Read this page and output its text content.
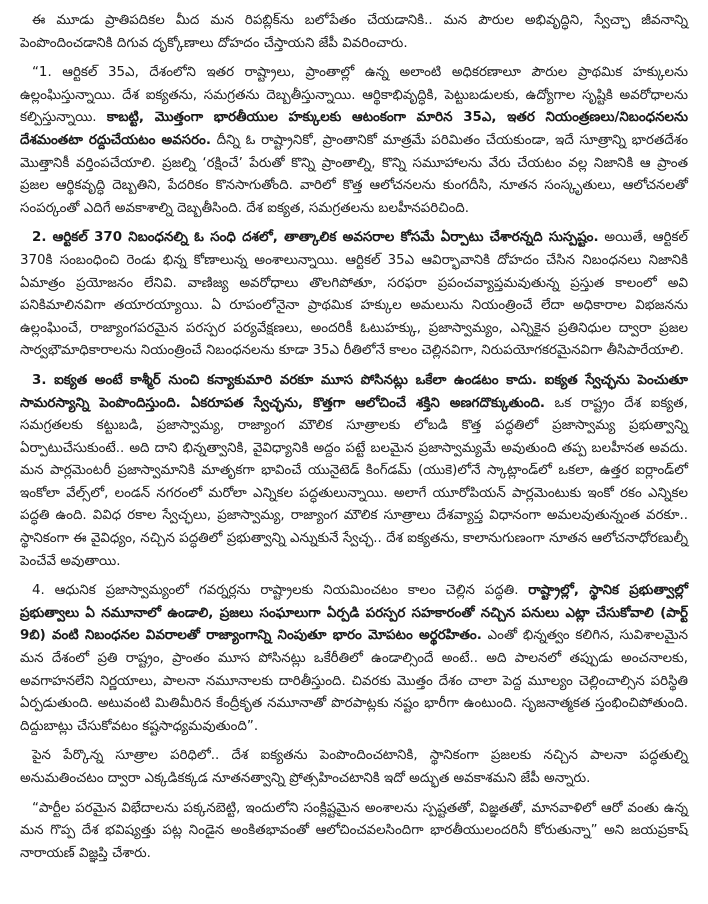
ఈ మూడు ప్రాతిపదికల మీద మన రిపబ్లిక్‌ను బలోపేతం చేయడానికి.. మన పౌరుల అభివృద్ధిని, స్వేచ్ఛా జీవనాన్ని పెంపొందించడానికి దిగువ దృక్కోణాలు దోహదం చేస్తాయని జేపీ వివరించారు.

“1. ఆర్టికల్ 35ఎ, దేశంలోని ఇతర రాష్ట్రాలు, ప్రాంతాల్లో ఉన్న అలాంటి అధికరణాలూ పౌరుల ప్రాథమిక హక్కులను ఉల్లంఘిస్తున్నాయి. దేశ ఐక్యతను, సమగ్రతను దెబ్బతీస్తున్నాయి. ఆర్థికాభివృద్ధికి, పెట్టుబడులకు, ఉద్యోగాల సృష్టికి అవరోధాలను కల్పిస్తున్నాయి. కాబట్టి, మొత్తంగా భారతీయుల హక్కులకు ఆటంకంగా మారిన 35ఎ, ఇతర నియంత్రణలు/నిబంధనలను దేశమంతటా రద్దుచేయటం అవసరం. దీన్ని ఓ రాష్ట్రానికో, ప్రాంతానికో మాత్రమే పరిమితం చేయకుండా, ఇదే సూత్రాన్ని భారతదేశం మొత్తానికీ వర్తింపచేయాలి. ప్రజల్ని ‘రక్షించే’ పేరుతో కొన్ని ప్రాంతాల్ని, కొన్ని సమూహాలను వేరు చేయటం వల్ల నిజానికి ఆ ప్రాంత ప్రజల ఆర్థికవృద్ధి దెబ్బతిని, పేదరికం కొనసాగుతోంది. వారిలో కొత్త ఆలోచనలను కుంగదీసి, నూతన సంస్కృతులు, ఆలోచనలతో సంపర్కంతో ఎదిగే అవకాశాల్ని దెబ్బతీసింది. దేశ ఐక్యత, సమగ్రతలను బలహీనపరిచింది.

2. ఆర్టికల్ 370 నిబంధనల్ని ఓ సంధి దశలో, తాత్కాలిక అవసరాల కోసమే ఏర్పాటు చేశారన్నది సుస్పష్టం. అయితే, ఆర్టికల్ 370కి సంబంధించి రెండు భిన్న కోణాలున్న అంశాలున్నాయి. ఆర్టికల్ 35ఎ ఆవిర్భావానికి దోహదం చేసిన నిబంధనలు నిజానికి ఏమాత్రం ప్రయోజనం లేనివి. వాణిజ్య అవరోధాలు తొలగిపోతూ, సరఫరా ప్రపంచవ్యాప్తమవుతున్న ప్రస్తుత కాలంలో అవి పనికిమాలినవిగా తయారయ్యాయి. ఏ రూపంలోనైనా ప్రాథమిక హక్కుల అమలును నియంత్రించే లేదా అధికారాల విభజనను ఉల్లంఘించే, రాజ్యాంగపరమైన పరస్పర పర్యవేక్షణలు, అందరికీ ఓటుహక్కు, ప్రజాస్వామ్యం, ఎన్నికైన ప్రతినిధుల ద్వారా ప్రజల సార్వభౌమాధికారాలను నియంత్రించే నిబంధనలను కూడా 35ఎ రీతిలోనే కాలం చెల్లినవిగా, నిరుపయోగకరమైనవిగా తీసిపారేయాలి.

3. ఐక్యత అంటే కాశ్మీర్ నుంచి కన్యాకుమారి వరకూ మూస పోసినట్లు ఒకేలా ఉండటం కాదు. ఐక్యత స్వేచ్ఛను పెంచుతూ సామరస్యాన్ని పెంపొందిస్తుంది. ఏకరూపత స్వేచ్ఛను, కొత్తగా ఆలోచించే శక్తిని అణగదొక్కుతుంది. ఒక రాష్ట్రం దేశ ఐక్యత, సమగ్రతలకు కట్టుబడి, ప్రజాస్వామ్య, రాజ్యాంగ మౌలిక సూత్రాలకు లోబడి కొత్త పద్ధతిలో ప్రజాస్వామ్య ప్రభుత్వాన్ని ఏర్పాటుచేసుకుంటే.. అది దాని భిన్నత్వానికి, వైవిధ్యానికి అద్దం పట్టే బలమైన ప్రజాస్వామ్యమే అవుతుంది తప్ప బలహీనత అవదు. మన పార్లమెంటరీ ప్రజాస్వామానికి మాతృకగా భావించే యునైటెడ్ కింగ్‌డమ్ (యుకె)లోనే స్కాట్లాండ్‌లో ఒకలా, ఉత్తర ఐర్లాండ్‌లో ఇంకోలా వేల్స్‌లో, లండన్ నగరంలో మరోలా ఎన్నికల పద్ధతులున్నాయి. అలాగే యూరోపియన్ పార్లమెంటుకు ఇంకో రకం ఎన్నికల పద్ధతి ఉంది. వివిధ రకాల స్వేచ్ఛలు, ప్రజాస్వామ్య, రాజ్యాంగ మౌలిక సూత్రాలు దేశవ్యాప్త విధానంగా అమలవుతున్నంత వరకూ.. స్థానికంగా ఈ వైవిధ్యం, నచ్చిన పద్ధతిలో ప్రభుత్వాన్ని ఎన్నుకునే స్వేచ్ఛ.. దేశ ఐక్యతను, కాలానుగుణంగా నూతన ఆలోచనాధోరణుల్నీ పెంచేవే అవుతాయి.

4. ఆధునిక ప్రజాస్వామ్యంలో గవర్నర్లను రాష్ట్రాలకు నియమించటం కాలం చెల్లిన పద్ధతి. రాష్ట్రాల్లో, స్థానిక ప్రభుత్వాల్లో ప్రభుత్వాలు ఏ నమూనాలో ఉండాలి, ప్రజలు సంఘాలుగా ఏర్పడి పరస్పర సహకారంతో నచ్చిన పనులు ఎట్లా చేసుకోవాలి (పార్ట్ 9బి) వంటి నిబంధనల వివరాలతో రాజ్యాంగాన్ని నింపుతూ భారం మోపటం అర్థరహితం. ఎంతో భిన్నత్వం కలిగిన, సువిశాలమైన మన దేశంలో ప్రతి రాష్ట్రం, ప్రాంతం మూస పోసినట్లు ఒకేరీతిలో ఉండాల్సిందే అంటే.. అది పాలనలో తప్పుడు అంచనాలకు, అవగాహనలేని నిర్ణయాలు, పాలనా నమూనాలకు దారితీస్తుంది. చివరకు మొత్తం దేశం చాలా పెద్ద మూల్యం చెల్లించాల్సిన పరిస్థితి ఏర్పడుతుంది. అటువంటి మితిమీరిన కేంద్రీకృత నమూనాతో పొరపాట్లకు నష్టం భారీగా ఉంటుంది. సృజనాత్మకత స్తంభించిపోతుంది. దిద్దుబాట్లు చేసుకోవటం కష్టసాధ్యమవుతుంది”.

పైన పేర్కొన్న సూత్రాల పరిధిలో.. దేశ ఐక్యతను పెంపొందించటానికి, స్థానికంగా ప్రజలకు నచ్చిన పాలనా పద్ధతుల్ని అనుమతించటం ద్వారా ఎక్కడికక్కడ నూతనత్వాన్ని ప్రోత్సహించటానికి ఇదో అద్భుత అవకాశమని జేపీ అన్నారు.

“పార్టీల పరమైన విభేదాలను పక్కనబెట్టి, ఇందులోని సంక్లిష్టమైన అంశాలను స్పష్టతతో, విజ్ఞతతో, మానవాళిలో ఆరో వంతు ఉన్న మన గొప్ప దేశ భవిష్యత్తు పట్ల నిండైన అంకితభావంతో ఆలోచించవలసిందిగా భారతీయులందరినీ కోరుతున్నా” అని జయప్రకాష్ నారాయణ్ విజ్ఞప్తి చేశారు.
